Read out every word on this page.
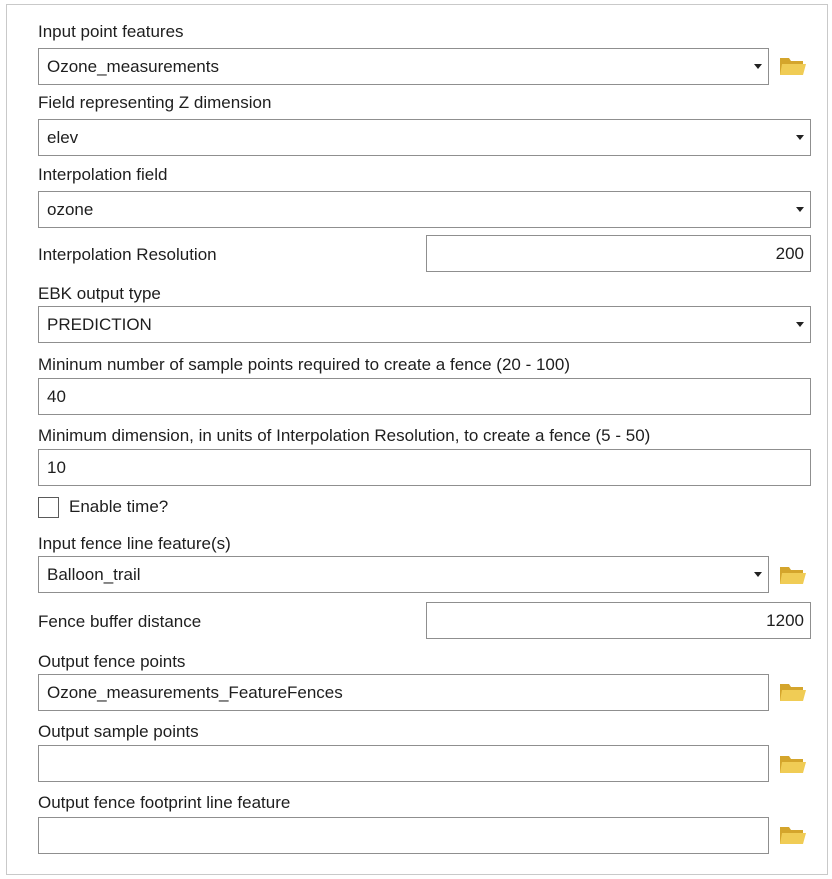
Input point features
Ozone_measurements
Field representing Z dimension
elev
Interpolation field
ozone
Interpolation Resolution	200
EBK output type
PREDICTION
Mininum number of sample points required to create a fence (20 - 100)
40
Minimum dimension, in units of Interpolation Resolution, to create a fence (5 - 50)
10
Enable time?
Input fence line feature(s)
Balloon_trail
Fence buffer distance	1200
Output fence points
Ozone_measurements_FeatureFences
Output sample points
Output fence footprint line feature
